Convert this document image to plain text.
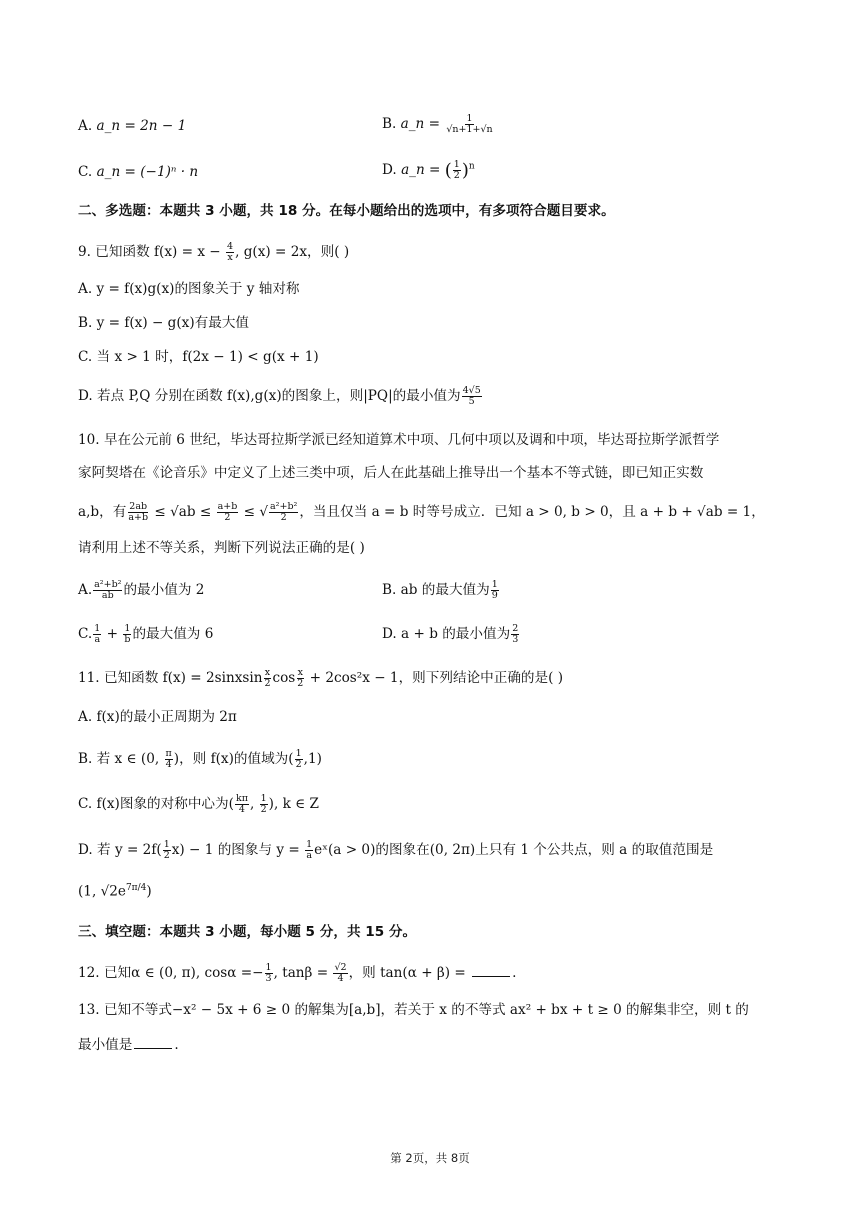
A. a_n = 2n − 1	B. a_n = $\frac{1}{√n+1+√n}$
C. a_n = (−1)ⁿ · n	D. a_n = ( $\frac{1}{2} )^n$
二、多选题：本题共 3 小题，共 18 分。在每小题给出的选项中，有多项符合题目要求。
9. 已知函数 $f(x) = x - \frac{4}{x}$ , g(x) = 2x，则( )
A. y = f(x)g(x)的图象关于 y 轴对称
B. y = f(x) − g(x)有最大值
C. 当 x > 1 时，f(2x − 1) < g(x + 1)
D. 若点 P,Q 分别在函数 f(x),g(x)的图象上，则|PQ|的最小值为 $\frac{4√5}{5}$
10. 早在公元前 6 世纪，毕达哥拉斯学派已经知道算术中项、几何中项以及调和中项，毕达哥拉斯学派哲学
家阿契塔在《论音乐》中定义了上述三类中项，后人在此基础上推导出一个基本不等式链，即已知正实数
a,b，有 $\frac{2ab}{a+b} \le √ab \le \frac{a+b}{2}$ ≤ √ $\frac{\text{a²+b²}}{2}$ ，当且仅当 a = b 时等号成立．已知 a > 0, b > 0，且 a + b + √ab = 1，
请利用上述不等关系，判断下列说法正确的是( )
A. $\frac{\text{a²+b²}}{ab}$ 的最小值为 2	B. ab 的最大值为 $\frac{1}{9}$
C. $\frac{1}{a} + \frac{1}{b}$ 的最大值为 6	D. a + b 的最小值为 $\frac{2}{3}$
11. 已知函数 f(x) = 2sinxsin $\frac{x}{2}$ $\cos \frac{x}{2} + 2\cos^2x - 1$，则下列结论中正确的是( )
A. f(x)的最小正周期为 2π
B. 若 x ∈ (0, $\frac{\pi}{4}$ )，则 f(x)的值域为( $\frac{1}{2} ,1$)
C. f(x)图象的对称中心为( $\frac{k\pi}{4}$ , $\frac{1}{2}$ ), k ∈ Z
D. 若 $y = 2f( \frac{1}{2} x) - 1$ 的图象与 $y = \frac{1}{a}$ eˣ(a > 0)的图象在(0, 2π)上只有 1 个公共点，则 a 的取值范围是
(1, $√2e^{7\pi/4}$)
三、填空题：本题共 3 小题，每小题 5 分，共 15 分。
12. 已知α ∈ (0, π), $\cos\alpha =- \frac{1}{3}$ , $\tan\beta = \frac{√2}{4}$ ，则 tan(α + β) =	.
13. 已知不等式−x² − 5x + 6 ≥ 0 的解集为[a,b]，若关于 x 的不等式 ax² + bx + t ≥ 0 的解集非空，则 t 的
最小值是	.
第 2页，共 8页
